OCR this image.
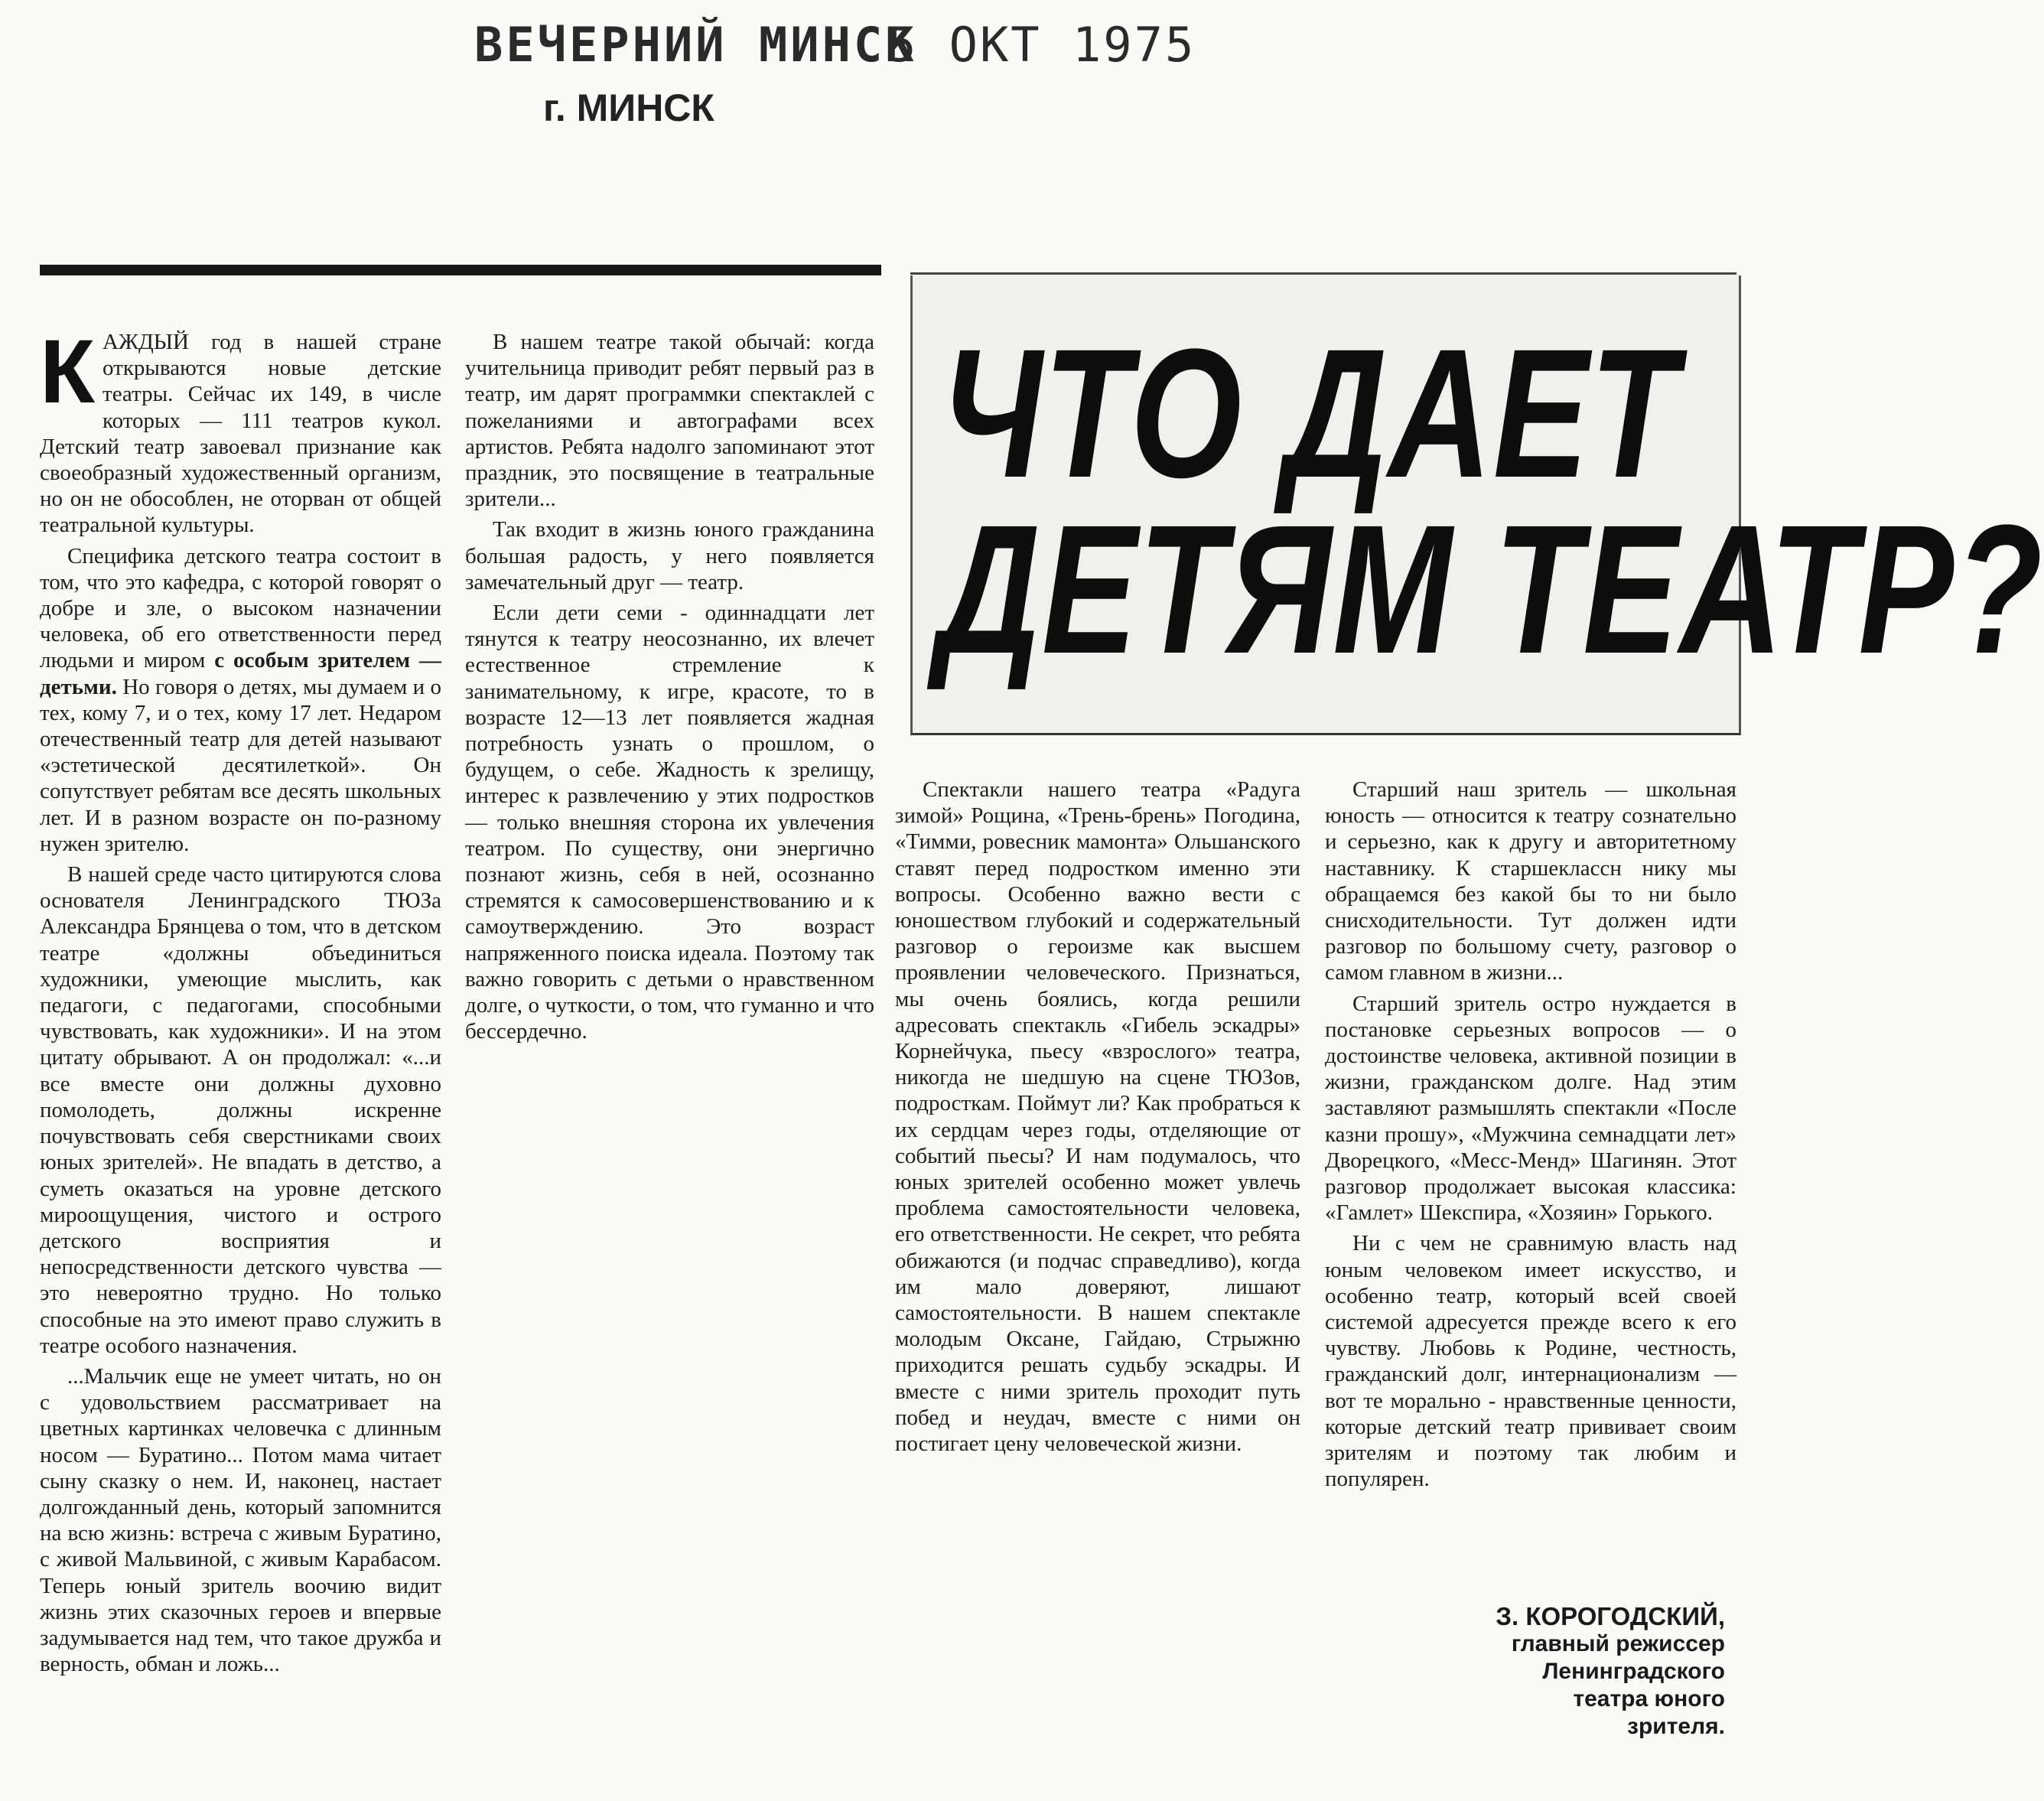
ВЕЧЕРНИЙ МИНСК
5 ОКТ 1975
г. МИНСК
ЧТО ДАЕТ
ДЕТЯМ ТЕАТР?

КАЖДЫЙ год в нашей стране открываются новые детские театры. Сейчас их 149, в числе которых — 111 театров кукол. Детский театр завоевал признание как своеобразный художественный организм, но он не обособлен, не оторван от общей театральной культуры.

Специфика детского театра состоит в том, что это кафедра, с которой говорят о добре и зле, о высоком назначении человека, об его ответственности перед людьми и миром с особым зрителем — детьми. Но говоря о детях, мы думаем и о тех, кому 7, и о тех, кому 17 лет. Недаром отечественный театр для детей называют «эстетической десятилеткой». Он сопутствует ребятам все десять школьных лет. И в разном возрасте он по-разному нужен зрителю.

В нашей среде часто цитируются слова основателя Ленинградского ТЮЗа Александра Брянцева о том, что в детском театре «должны объединиться художники, умеющие мыслить, как педагоги, с педагогами, способными чувствовать, как художники». И на этом цитату обрывают. А он продолжал: «...и все вместе они должны духовно помолодеть, должны искренне почувствовать себя сверстниками своих юных зрителей». Не впадать в детство, а суметь оказаться на уровне детского мироощущения, чистого и острого детского восприятия и непосредственности детского чувства — это невероятно трудно. Но только способные на это имеют право служить в театре особого назначения.

...Мальчик еще не умеет читать, но он с удовольствием рассматривает на цветных картинках человечка с длинным носом — Буратино... Потом мама читает сыну сказку о нем. И, наконец, настает долгожданный день, который запомнится на всю жизнь: встреча с живым Буратино, с живой Мальвиной, с живым Карабасом. Теперь юный зритель воочию видит жизнь этих сказочных героев и впервые задумывается над тем, что такое дружба и верность, обман и ложь...

В нашем театре такой обычай: когда учительница приводит ребят первый раз в театр, им дарят программки спектаклей с пожеланиями и автографами всех артистов. Ребята надолго запоминают этот праздник, это посвящение в театральные зрители...

Так входит в жизнь юного гражданина большая радость, у него появляется замечательный друг — театр.

Если дети семи - одиннадцати лет тянутся к театру неосознанно, их влечет естественное стремление к занимательному, к игре, красоте, то в возрасте 12—13 лет появляется жадная потребность узнать о прошлом, о будущем, о себе. Жадность к зрелищу, интерес к развлечению у этих подростков — только внешняя сторона их увлечения театром. По существу, они энергично познают жизнь, себя в ней, осознанно стремятся к самосовершенствованию и к самоутверждению. Это возраст напряженного поиска идеала. Поэтому так важно говорить с детьми о нравственном долге, о чуткости, о том, что гуманно и что бессердечно.

Спектакли нашего театра «Радуга зимой» Рощина, «Трень-брень» Погодина, «Тимми, ровесник мамонта» Ольшанского ставят перед подростком именно эти вопросы. Особенно важно вести с юношеством глубокий и содержательный разговор о героизме как высшем проявлении человеческого. Признаться, мы очень боялись, когда решили адресовать спектакль «Гибель эскадры» Корнейчука, пьесу «взрослого» театра, никогда не шедшую на сцене ТЮЗов, подросткам. Поймут ли? Как пробраться к их сердцам через годы, отделяющие от событий пьесы? И нам подумалось, что юных зрителей особенно может увлечь проблема самостоятельности человека, его ответственности. Не секрет, что ребята обижаются (и подчас справедливо), когда им мало доверяют, лишают самостоятельности. В нашем спектакле молодым Оксане, Гайдаю, Стрыжню приходится решать судьбу эскадры. И вместе с ними зритель проходит путь побед и неудач, вместе с ними он постигает цену человеческой жизни.

Старший наш зритель — школьная юность — относится к театру сознательно и серьезно, как к другу и авторитетному наставнику. К старшеклассн нику мы обращаемся без какой бы то ни было снисходительности. Тут должен идти разговор по большому счету, разговор о самом главном в жизни...

Старший зритель остро нуждается в постановке серьезных вопросов — о достоинстве человека, активной позиции в жизни, гражданском долге. Над этим заставляют размышлять спектакли «После казни прошу», «Мужчина семнадцати лет» Дворецкого, «Месс-Менд» Шагинян. Этот разговор продолжает высокая классика: «Гамлет» Шекспира, «Хозяин» Горького.

Ни с чем не сравнимую власть над юным человеком имеет искусство, и особенно театр, который всей своей системой адресуется прежде всего к его чувству. Любовь к Родине, честность, гражданский долг, интернационализм — вот те морально - нравственные ценности, которые детский театр прививает своим зрителям и поэтому так любим и популярен.

З. КОРОГОДСКИЙ,
главный режиссер
Ленинградского
театра юного
зрителя.
